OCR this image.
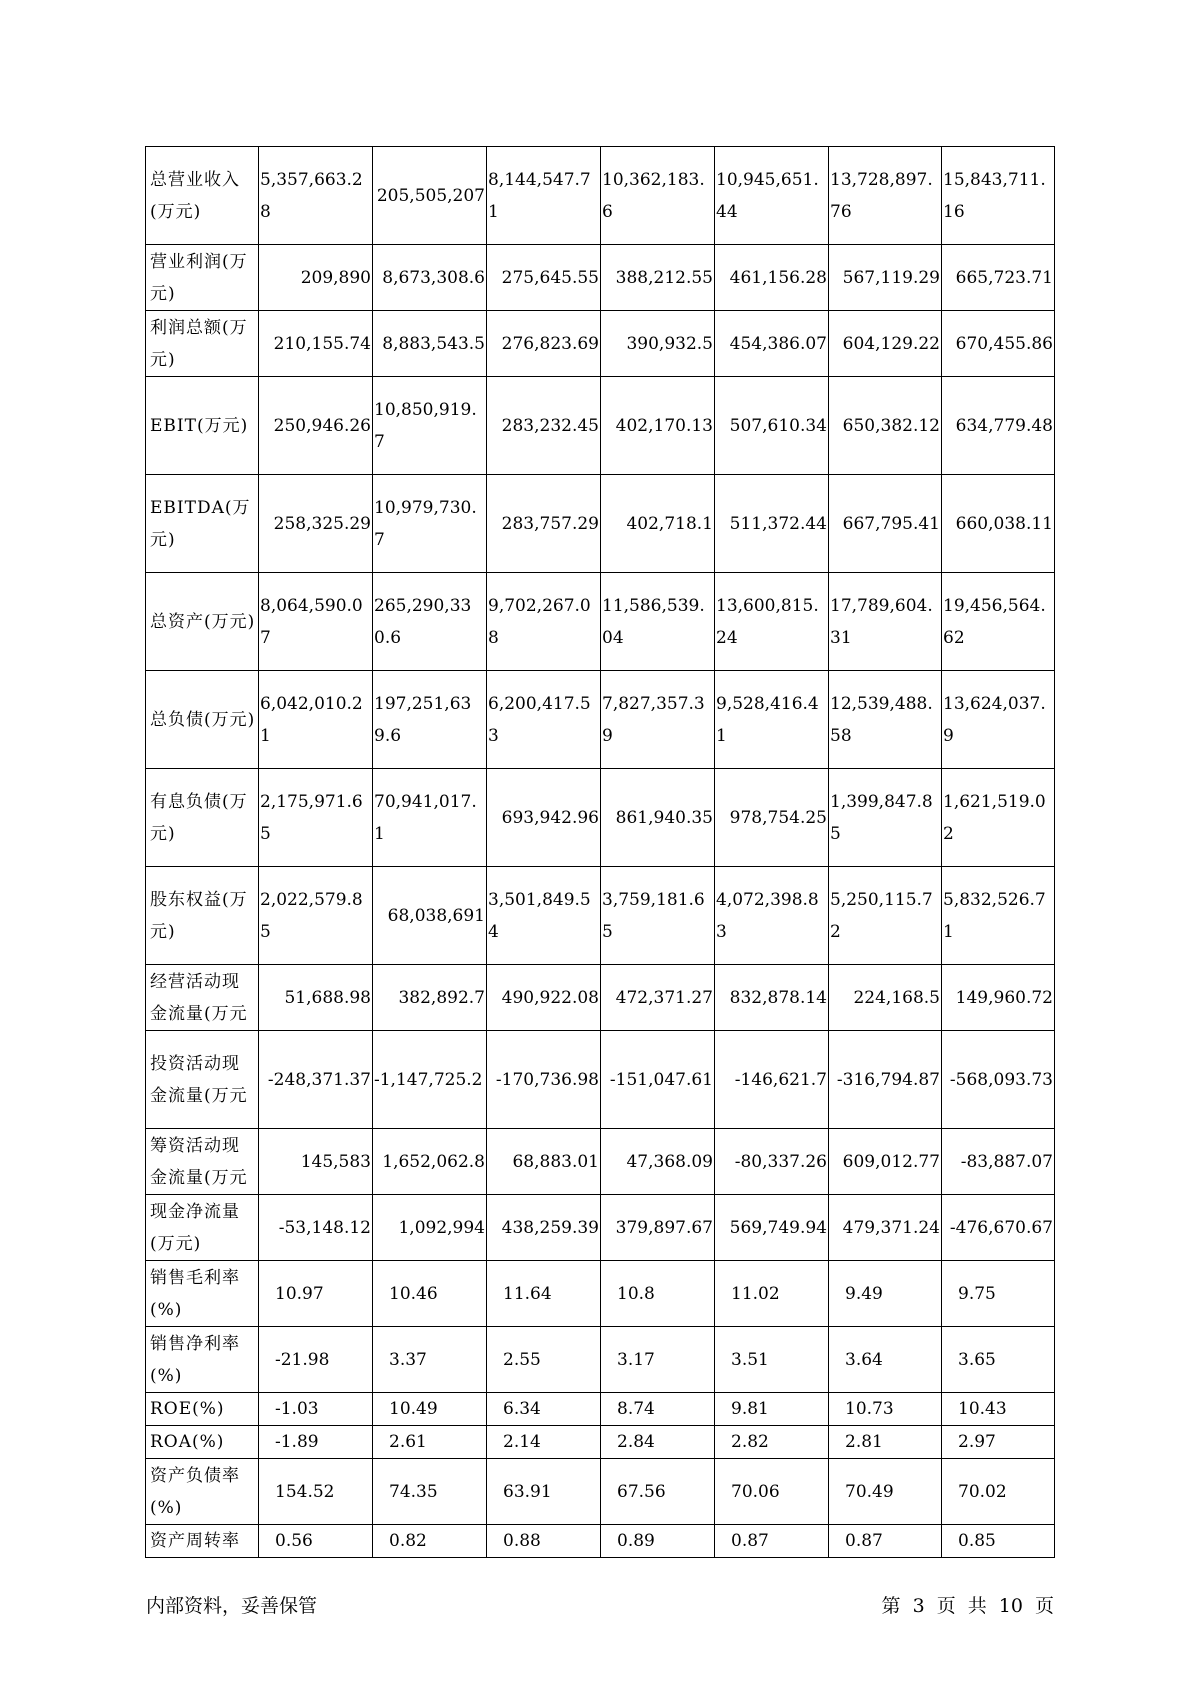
总营业收入(万元)	5,357,663.28	205,505,207	8,144,547.71	10,362,183.6	10,945,651.44	13,728,897.76	15,843,711.16
营业利润(万元)	209,890	8,673,308.6	275,645.55	388,212.55	461,156.28	567,119.29	665,723.71
利润总额(万元)	210,155.74	8,883,543.5	276,823.69	390,932.5	454,386.07	604,129.22	670,455.86
EBIT(万元)	250,946.26	10,850,919.7	283,232.45	402,170.13	507,610.34	650,382.12	634,779.48
EBITDA(万元)	258,325.29	10,979,730.7	283,757.29	402,718.1	511,372.44	667,795.41	660,038.11
总资产(万元)	8,064,590.07	265,290,330.6	9,702,267.08	11,586,539.04	13,600,815.24	17,789,604.31	19,456,564.62
总负债(万元)	6,042,010.21	197,251,639.6	6,200,417.53	7,827,357.39	9,528,416.41	12,539,488.58	13,624,037.9
有息负债(万元)	2,175,971.65	70,941,017.1	693,942.96	861,940.35	978,754.25	1,399,847.85	1,621,519.02
股东权益(万元)	2,022,579.85	68,038,691	3,501,849.54	3,759,181.65	4,072,398.83	5,250,115.72	5,832,526.71
经营活动现金流量(万元	51,688.98	382,892.7	490,922.08	472,371.27	832,878.14	224,168.5	149,960.72
投资活动现金流量(万元	-248,371.37	-1,147,725.2	-170,736.98	-151,047.61	-146,621.7	-316,794.87	-568,093.73
筹资活动现金流量(万元	145,583	1,652,062.8	68,883.01	47,368.09	-80,337.26	609,012.77	-83,887.07
现金净流量(万元)	-53,148.12	1,092,994	438,259.39	379,897.67	569,749.94	479,371.24	-476,670.67
销售毛利率(%)	10.97	10.46	11.64	10.8	11.02	9.49	9.75
销售净利率(%)	-21.98	3.37	2.55	3.17	3.51	3.64	3.65
ROE(%)	-1.03	10.49	6.34	8.74	9.81	10.73	10.43
ROA(%)	-1.89	2.61	2.14	2.84	2.82	2.81	2.97
资产负债率(%)	154.52	74.35	63.91	67.56	70.06	70.49	70.02
资产周转率	0.56	0.82	0.88	0.89	0.87	0.87	0.85
内部资料，妥善保管	第 3 页 共 10 页
